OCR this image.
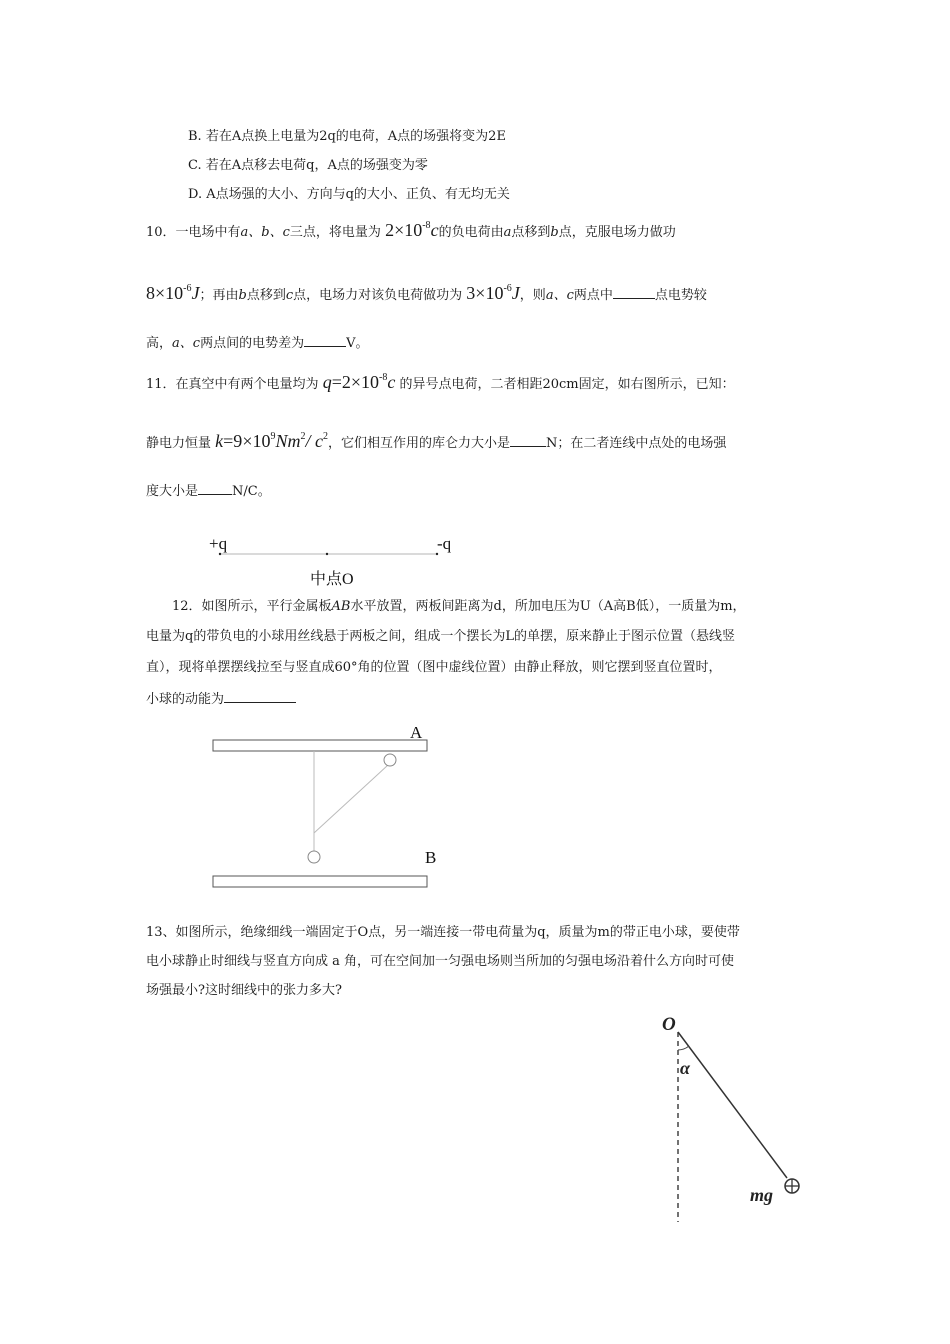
B. 若在A点换上电量为2q的电荷，A点的场强将变为2E
C. 若在A点移去电荷q，A点的场强变为零
D. A点场强的大小、方向与q的大小、正负、有无均无关
10．一电场中有a、b、c三点，将电量为 $2\times 10^{-8}c$的负电荷由a点移到b点，克服电场力做功
$8\times 10^{-6}J$；再由b点移到c点，电场力对该负电荷做功为 $3\times 10^{-6}J$，则a、c两点中	点电势较
高，a、c两点间的电势差为	V。
11．在真空中有两个电量均为 $q=2\times 10^{-8}c$ 的异号点电荷，二者相距20cm固定，如右图所示，已知：
静电力恒量 $k=9\times 10^9Nm^2/$ $c^2$，它们相互作用的库仑力大小是	N；在二者连线中点处的电场强
度大小是	N/C。
+q	-q
中点O
12．如图所示，平行金属板AB水平放置，两板间距离为d，所加电压为U（A高B低），一质量为m，
电量为q的带负电的小球用丝线悬于两板之间，组成一个摆长为L的单摆，原来静止于图示位置（悬线竖
直），现将单摆摆线拉至与竖直成60°角的位置（图中虚线位置）由静止释放，则它摆到竖直位置时，
小球的动能为
A
B
13、如图所示，绝缘细线一端固定于O点，另一端连接一带电荷量为q，质量为m的带正电小球，要使带
电小球静止时细线与竖直方向成 a 角，可在空间加一匀强电场则当所加的匀强电场沿着什么方向时可使
场强最小?这时细线中的张力多大?
O
α
mg
